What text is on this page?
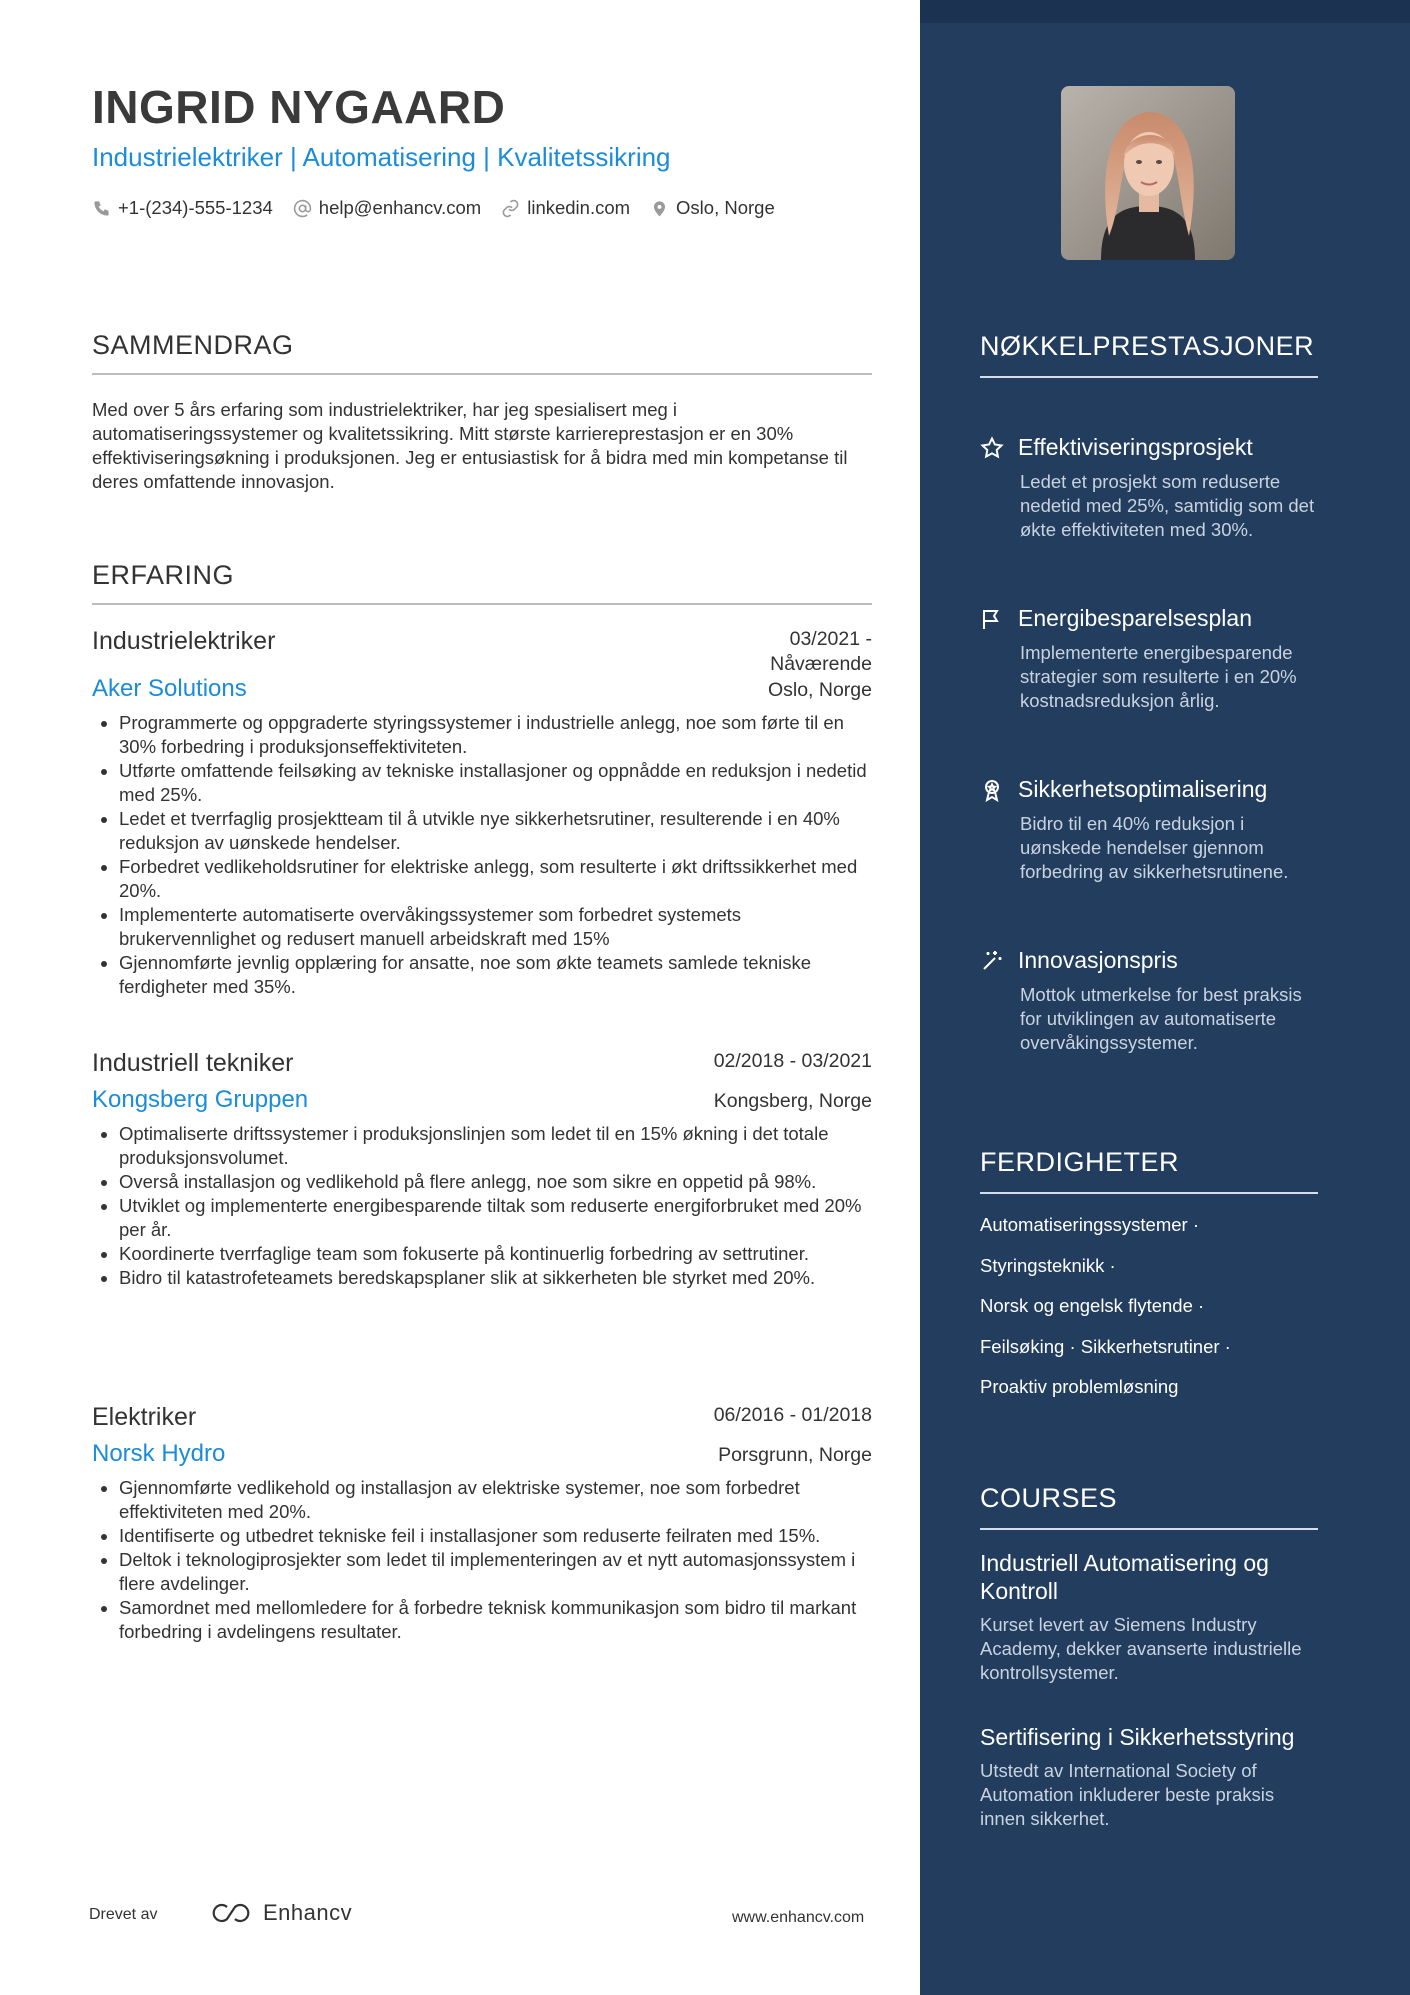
INGRID NYGAARD
Industrielektriker | Automatisering | Kvalitetssikring
+1-(234)-555-1234 help@enhancv.com linkedin.com Oslo, Norge
SAMMENDRAG
Med over 5 års erfaring som industrielektriker, har jeg spesialisert meg i automatiseringssystemer og kvalitetssikring. Mitt største karriereprestasjon er en 30% effektiviseringsøkning i produksjonen. Jeg er entusiastisk for å bidra med min kompetanse til deres omfattende innovasjon.
ERFARING
Industrielektriker	03/2021 - Nåværende
Aker Solutions	Oslo, Norge
• Programmerte og oppgraderte styringssystemer i industrielle anlegg, noe som førte til en 30% forbedring i produksjonseffektiviteten.
• Utførte omfattende feilsøking av tekniske installasjoner og oppnådde en reduksjon i nedetid med 25%.
• Ledet et tverrfaglig prosjektteam til å utvikle nye sikkerhetsrutiner, resulterende i en 40% reduksjon av uønskede hendelser.
• Forbedret vedlikeholdsrutiner for elektriske anlegg, som resulterte i økt driftssikkerhet med 20%.
• Implementerte automatiserte overvåkingssystemer som forbedret systemets brukervennlighet og redusert manuell arbeidskraft med 15%
• Gjennomførte jevnlig opplæring for ansatte, noe som økte teamets samlede tekniske ferdigheter med 35%.
Industriell tekniker	02/2018 - 03/2021
Kongsberg Gruppen	Kongsberg, Norge
• Optimaliserte driftssystemer i produksjonslinjen som ledet til en 15% økning i det totale produksjonsvolumet.
• Overså installasjon og vedlikehold på flere anlegg, noe som sikre en oppetid på 98%.
• Utviklet og implementerte energibesparende tiltak som reduserte energiforbruket med 20% per år.
• Koordinerte tverrfaglige team som fokuserte på kontinuerlig forbedring av settrutiner.
• Bidro til katastrofeteamets beredskapsplaner slik at sikkerheten ble styrket med 20%.
Elektriker	06/2016 - 01/2018
Norsk Hydro	Porsgrunn, Norge
• Gjennomførte vedlikehold og installasjon av elektriske systemer, noe som forbedret effektiviteten med 20%.
• Identifiserte og utbedret tekniske feil i installasjoner som reduserte feilraten med 15%.
• Deltok i teknologiprosjekter som ledet til implementeringen av et nytt automasjonssystem i flere avdelinger.
• Samordnet med mellomledere for å forbedre teknisk kommunikasjon som bidro til markant forbedring i avdelingens resultater.
NØKKELPRESTASJONER
Effektiviseringsprosjekt
Ledet et prosjekt som reduserte nedetid med 25%, samtidig som det økte effektiviteten med 30%.
Energibesparelsesplan
Implementerte energibesparende strategier som resulterte i en 20% kostnadsreduksjon årlig.
Sikkerhetsoptimalisering
Bidro til en 40% reduksjon i uønskede hendelser gjennom forbedring av sikkerhetsrutinene.
Innovasjonspris
Mottok utmerkelse for best praksis for utviklingen av automatiserte overvåkingssystemer.
FERDIGHETER
Automatiseringssystemer ·
Styringsteknikk ·
Norsk og engelsk flytende ·
Feilsøking · Sikkerhetsrutiner ·
Proaktiv problemløsning
COURSES
Industriell Automatisering og Kontroll
Kurset levert av Siemens Industry Academy, dekker avanserte industrielle kontrollsystemer.
Sertifisering i Sikkerhetsstyring
Utstedt av International Society of Automation inkluderer beste praksis innen sikkerhet.
Drevet av	Enhancv	www.enhancv.com
